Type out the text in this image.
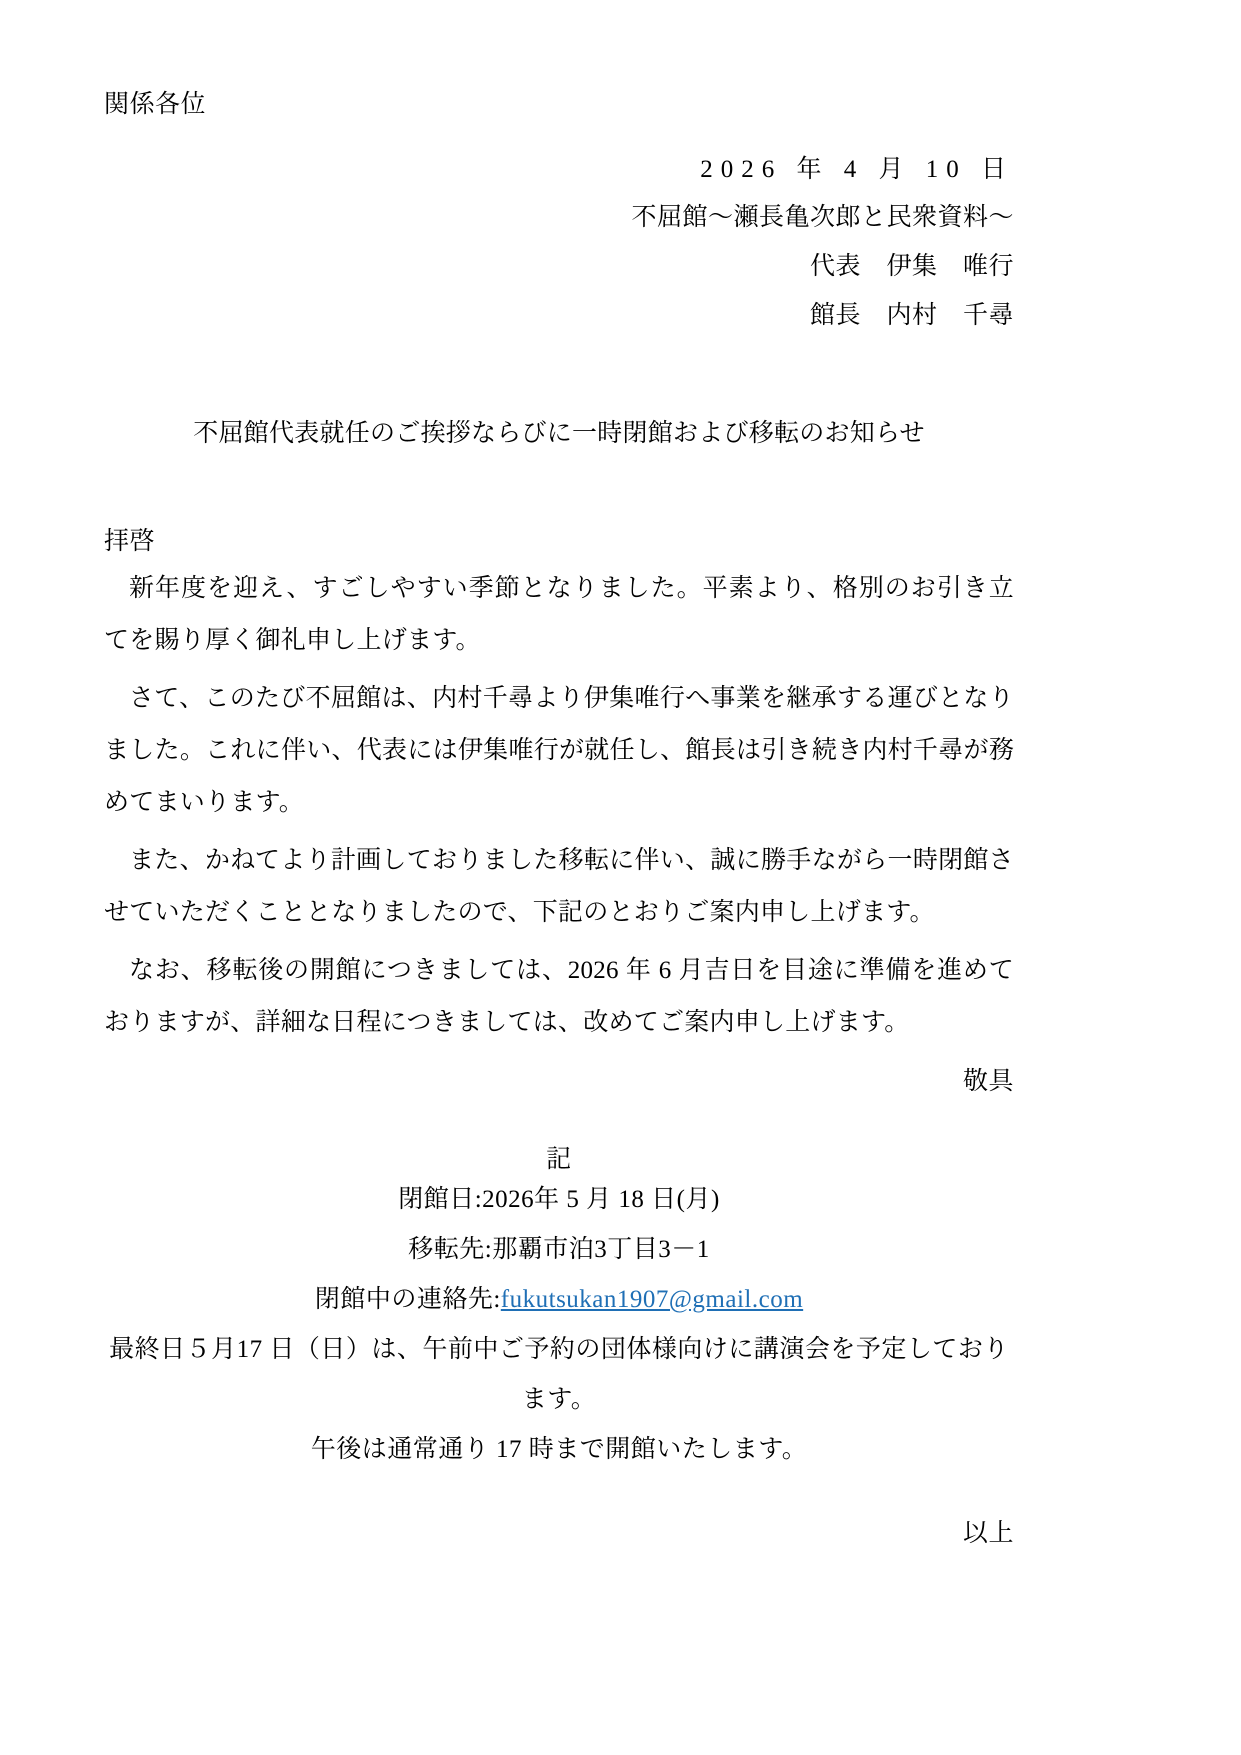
関係各位
2026 年 4 月 10 日
不屈館～瀬長亀次郎と民衆資料～
代表　伊集　唯行
館長　内村　千尋
不屈館代表就任のご挨拶ならびに一時閉館および移転のお知らせ
拝啓
新年度を迎え、すごしやすい季節となりました。平素より、格別のお引き立てを賜り厚く御礼申し上げます。
さて、このたび不屈館は、内村千尋より伊集唯行へ事業を継承する運びとなりました。これに伴い、代表には伊集唯行が就任し、館長は引き続き内村千尋が務めてまいります。
また、かねてより計画しておりました移転に伴い、誠に勝手ながら一時閉館させていただくこととなりましたので、下記のとおりご案内申し上げます。
なお、移転後の開館につきましては、2026 年 6 月吉日を目途に準備を進めておりますが、詳細な日程につきましては、改めてご案内申し上げます。
敬具
記
閉館日:2026年 5 月 18 日(月)
移転先:那覇市泊3丁目3－1
閉館中の連絡先:fukutsukan1907@gmail.com
最終日５月17 日（日）は、午前中ご予約の団体様向けに講演会を予定しております。
午後は通常通り 17 時まで開館いたします。
以上
